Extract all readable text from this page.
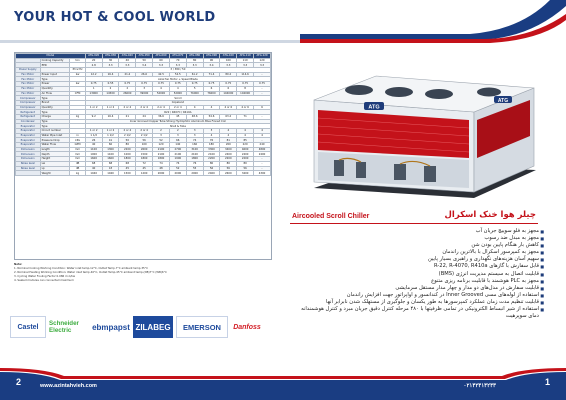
YOUR HOT & COOL WORLD
Model			ATG-020	ATG-030	ATG-040	ATG-050	ATG-060	ATG-070	ATG-080	ATG-090	ATG-100	ATG-110	ATG-120
	Cooling Capacity	ton	20	30	40	50	60	70	80	90	100	110	120
	EER		2.8	3.3	3.3	3.4	3.3	3.3	3.3	3.4	3.3	3.3	3.3
Power Supply		Ph-V-Hz	3 / 380 / 50										
Fan Motor	Power Input	kw	12.2	16.4	21.4	26.6	42.5	52.5	61.2	71.4	80.2	114.6	-
Fan Motor	Type		Axial fan Motor + Speed Blade										
Fan Motor	Power	kw	0.75	0.55	0.75	0.75	0.75	0.75	0.75	0.75	0.75	0.75	0.75
Fan Motor	Quantity		1	2	2	3	4	4	5	6	6	8	-
Fan Motor	Air Flow	CFM	13000	14500	26000	39000	52000	52000	76000	76000	104000	104000	-
Compressor	Type		Scroll										
Compressor	Brand		Copeland										
Compressor	Quantity		1 or 2	1 or 2	2 or 4	2 or 4	2 or 4	2 or 4	4	4	4 or 6	4 or 6	6
Refrigerant	Type		R22 / R407C / R410A										
Refrigerant	Charge	kg	9.2	16.4	21	24	36.6	45	48.6	54.6	63.2	71	-
Condenser	Type		Inner Grooved Copper Tube Strong Hydrophilic Aluminum Blue Finned Coil										
Evaporator	Type		Shell & Tube										
Evaporator	Circuit number		1 or 2	1 or 2	2 or 4	2 or 4	2	2	3	3	4	4	4
Evaporator	Water Pipe Inlet	in	1 1/2	1 1/2	2 1/2	2 1/2	3	3	3	4	4	4	4
Evaporator	Pressure Drop	kPa	26	41	50	56	52	66	74	76	81	85	-
Evaporator	Water Flow	GPM	40	60	80	100	120	140	160	180	200	220	240
Dimension	length	mm	1100	1300	2200	2600	2100	2700	3100	3300	3400	4600	4800
Dimension	Depth	mm	1000	1100	1000	1500	2100	2100	2100	2100	2400	2400	2400
Dimension	Height	mm	1600	1600	1800	1800	1800	1900	1800	2200	2200	2200	-
Noise level	Lw	dB	68	68	68	72	74	74	76	80	80	80	-
Noise level	Lp	dB	40	43	45	45	48	52	55	56	56	56	-
	Weight	kg	1040	1040	1500	1200	2090	2000	2000	2400	2600	3400	4300
Note:
1. Nominal Cooling Working Condition: Water inlet temp.12°C, Outlet Temp.7°C ambient temp.35°C
2. Nominal Heating Working Condition: Water inlet temp.40°C, Outlet Temp.45°C ambient temp.(DB)7°C (WB)6°C
3. Cycling Water Fouling Factor 0.086 m.C/kw
4. Sealed modules can connected maximum
Castel	Schneider Electric	ebmpapst ZILABEG	EMERSON	Danfoss
ATG
ATG
Aircooled Scroll Chiller	چیلر هوا خنک اسکرال
■ مجهز به فلو سوییچ جریان آب
■ مجهز به مبدل ضد رسوب
■ کاهش بار هنگام پایین بودن شن
■ مجهز به کمپرسور اسکرال با بالاترین راندمان
■ سهیم آسان هزینه‌های نگهداری و راهبری بسیار پایین
■ قابل سفارش با گازهای R-22, R-4070, R410a
■ قابلیت اتصال به سیستم مدیریت انرژی (BMS)
■ مجهز به PLC هوشمند با قابلیت برنامه ریزی متنوع
■ قابلیت سفارش در مدل‌های دو مدار و چهار مدار مستقل سرمایشی
■ استفاده از لوله‌های مسی Inner Grooved در کندانسور و اواپراتور جهت افزایش راندمان
■ قابلیت تنظیم مدت زمان عملکرد کمپرسورها به طور یکسان و جلوگیری از مستهلک شدن نابرابر آنها
■ استفاده از شیر انبساط الکترونیکی در تمامی ظرفیتها با ۴۸۰ مرحله کنترل دقیق جریان مبرد و کنترل هوشمندانه دمای سوپرهیت
2	www.azintahvieh.com	۰۲۱۴۲۴۱۴۲۴۳	1
